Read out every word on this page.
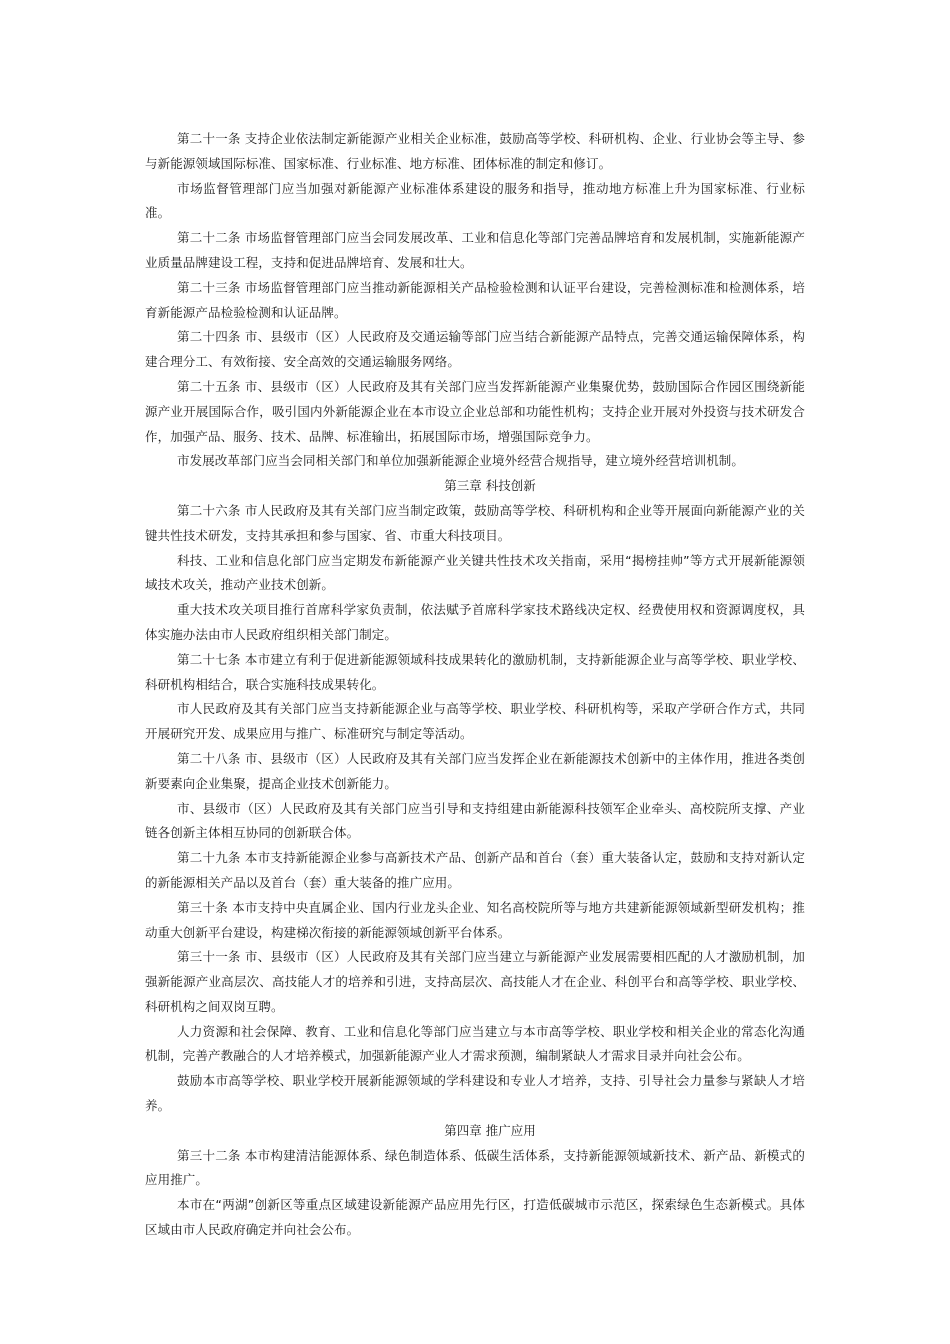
第二十一条 支持企业依法制定新能源产业相关企业标准，鼓励高等学校、科研机构、企业、行业协会等主导、参与新能源领域国际标准、国家标准、行业标准、地方标准、团体标准的制定和修订。

市场监督管理部门应当加强对新能源产业标准体系建设的服务和指导，推动地方标准上升为国家标准、行业标准。

第二十二条 市场监督管理部门应当会同发展改革、工业和信息化等部门完善品牌培育和发展机制，实施新能源产业质量品牌建设工程，支持和促进品牌培育、发展和壮大。

第二十三条 市场监督管理部门应当推动新能源相关产品检验检测和认证平台建设，完善检测标准和检测体系，培育新能源产品检验检测和认证品牌。

第二十四条 市、县级市（区）人民政府及交通运输等部门应当结合新能源产品特点，完善交通运输保障体系，构建合理分工、有效衔接、安全高效的交通运输服务网络。

第二十五条 市、县级市（区）人民政府及其有关部门应当发挥新能源产业集聚优势，鼓励国际合作园区围绕新能源产业开展国际合作，吸引国内外新能源企业在本市设立企业总部和功能性机构；支持企业开展对外投资与技术研发合作，加强产品、服务、技术、品牌、标准输出，拓展国际市场，增强国际竞争力。

市发展改革部门应当会同相关部门和单位加强新能源企业境外经营合规指导，建立境外经营培训机制。

第三章 科技创新

第二十六条 市人民政府及其有关部门应当制定政策，鼓励高等学校、科研机构和企业等开展面向新能源产业的关键共性技术研发，支持其承担和参与国家、省、市重大科技项目。

科技、工业和信息化部门应当定期发布新能源产业关键共性技术攻关指南，采用“揭榜挂帅”等方式开展新能源领域技术攻关，推动产业技术创新。

重大技术攻关项目推行首席科学家负责制，依法赋予首席科学家技术路线决定权、经费使用权和资源调度权，具体实施办法由市人民政府组织相关部门制定。

第二十七条 本市建立有利于促进新能源领域科技成果转化的激励机制，支持新能源企业与高等学校、职业学校、科研机构相结合，联合实施科技成果转化。

市人民政府及其有关部门应当支持新能源企业与高等学校、职业学校、科研机构等，采取产学研合作方式，共同开展研究开发、成果应用与推广、标准研究与制定等活动。

第二十八条 市、县级市（区）人民政府及其有关部门应当发挥企业在新能源技术创新中的主体作用，推进各类创新要素向企业集聚，提高企业技术创新能力。

市、县级市（区）人民政府及其有关部门应当引导和支持组建由新能源科技领军企业牵头、高校院所支撑、产业链各创新主体相互协同的创新联合体。

第二十九条 本市支持新能源企业参与高新技术产品、创新产品和首台（套）重大装备认定，鼓励和支持对新认定的新能源相关产品以及首台（套）重大装备的推广应用。

第三十条 本市支持中央直属企业、国内行业龙头企业、知名高校院所等与地方共建新能源领域新型研发机构；推动重大创新平台建设，构建梯次衔接的新能源领域创新平台体系。

第三十一条 市、县级市（区）人民政府及其有关部门应当建立与新能源产业发展需要相匹配的人才激励机制，加强新能源产业高层次、高技能人才的培养和引进，支持高层次、高技能人才在企业、科创平台和高等学校、职业学校、科研机构之间双岗互聘。

人力资源和社会保障、教育、工业和信息化等部门应当建立与本市高等学校、职业学校和相关企业的常态化沟通机制，完善产教融合的人才培养模式，加强新能源产业人才需求预测，编制紧缺人才需求目录并向社会公布。

鼓励本市高等学校、职业学校开展新能源领域的学科建设和专业人才培养，支持、引导社会力量参与紧缺人才培养。

第四章 推广应用

第三十二条 本市构建清洁能源体系、绿色制造体系、低碳生活体系，支持新能源领域新技术、新产品、新模式的应用推广。

本市在“两湖”创新区等重点区域建设新能源产品应用先行区，打造低碳城市示范区，探索绿色生态新模式。具体区域由市人民政府确定并向社会公布。
